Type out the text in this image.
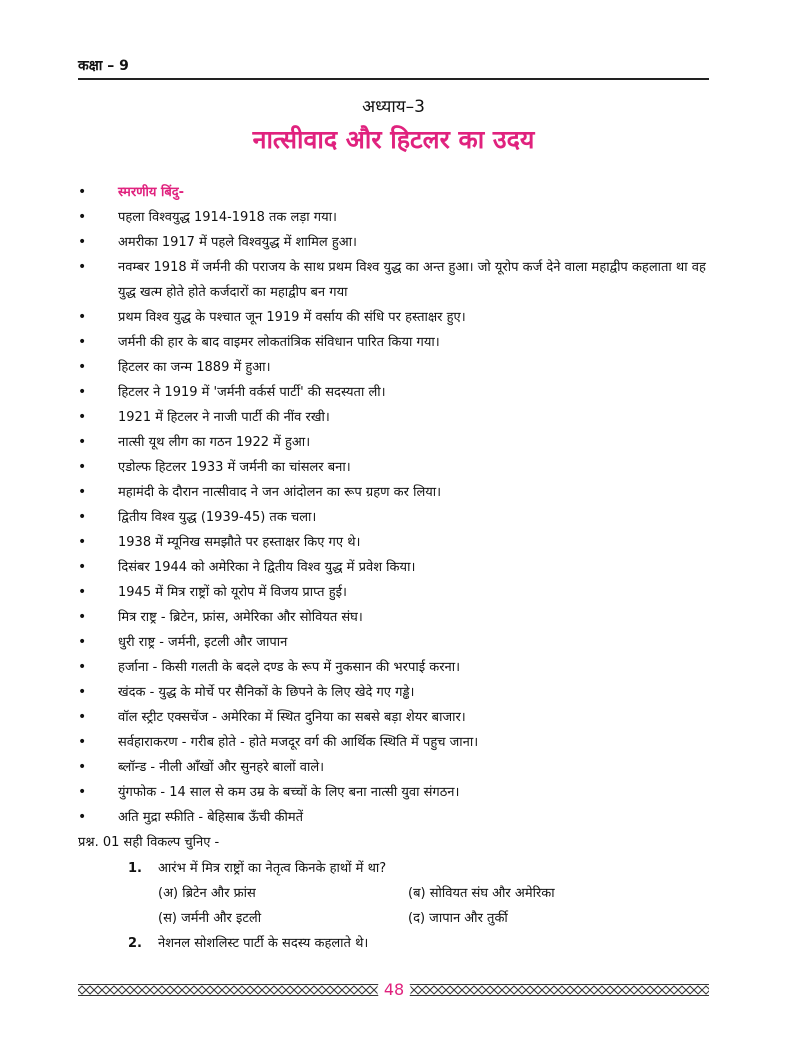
कक्षा – 9
अध्याय–3
नात्सीवाद और हिटलर का उदय
• स्मरणीय बिंदु-
• पहला विश्वयुद्ध 1914-1918 तक लड़ा गया।
• अमरीका 1917 में पहले विश्वयुद्ध में शामिल हुआ।
• नवम्बर 1918 में जर्मनी की पराजय के साथ प्रथम विश्व युद्ध का अन्त हुआ। जो यूरोप कर्ज देने वाला महाद्वीप कहलाता था वह युद्ध खत्म होते होते कर्जदारों का महाद्वीप बन गया
• प्रथम विश्व युद्ध के पश्चात जून 1919 में वर्साय की संधि पर हस्ताक्षर हुए।
• जर्मनी की हार के बाद वाइमर लोकतांत्रिक संविधान पारित किया गया।
• हिटलर का जन्म 1889 में हुआ।
• हिटलर ने 1919 में 'जर्मनी वर्कर्स पार्टी' की सदस्यता ली।
• 1921 में हिटलर ने नाजी पार्टी की नींव रखी।
• नात्सी यूथ लीग का गठन 1922 में हुआ।
• एडोल्फ हिटलर 1933 में जर्मनी का चांसलर बना।
• महामंदी के दौरान नात्सीवाद ने जन आंदोलन का रूप ग्रहण कर लिया।
• द्वितीय विश्व युद्ध (1939-45) तक चला।
• 1938 में म्यूनिख समझौते पर हस्ताक्षर किए गए थे।
• दिसंबर 1944 को अमेरिका ने द्वितीय विश्व युद्ध में प्रवेश किया।
• 1945 में मित्र राष्ट्रों को यूरोप में विजय प्राप्त हुई।
• मित्र राष्ट्र - ब्रिटेन, फ्रांस, अमेरिका और सोवियत संघ।
• धुरी राष्ट्र - जर्मनी, इटली और जापान
• हर्जाना - किसी गलती के बदले दण्ड के रूप में नुकसान की भरपाई करना।
• खंदक - युद्ध के मोर्चे पर सैनिकों के छिपने के लिए खेदे गए गड्ढे।
• वॉल स्ट्रीट एक्सचेंज - अमेरिका में स्थित दुनिया का सबसे बड़ा शेयर बाजार।
• सर्वहाराकरण - गरीब होते - होते मजदूर वर्ग की आर्थिक स्थिति में पहुच जाना।
• ब्लॉन्ड - नीली आँखों और सुनहरे बालों वाले।
• युंगफोक - 14 साल से कम उम्र के बच्चों के लिए बना नात्सी युवा संगठन।
• अति मुद्रा स्फीति - बेहिसाब ऊँची कीमतें
प्रश्न. 01 सही विकल्प चुनिए -
1. आरंभ में मित्र राष्ट्रों का नेतृत्व किनके हाथों में था?
(अ) ब्रिटेन और फ्रांस	(ब) सोवियत संघ और अमेरिका
(स) जर्मनी और इटली	(द) जापान और तुर्की
2. नेशनल सोशलिस्ट पार्टी के सदस्य कहलाते थे।
48
